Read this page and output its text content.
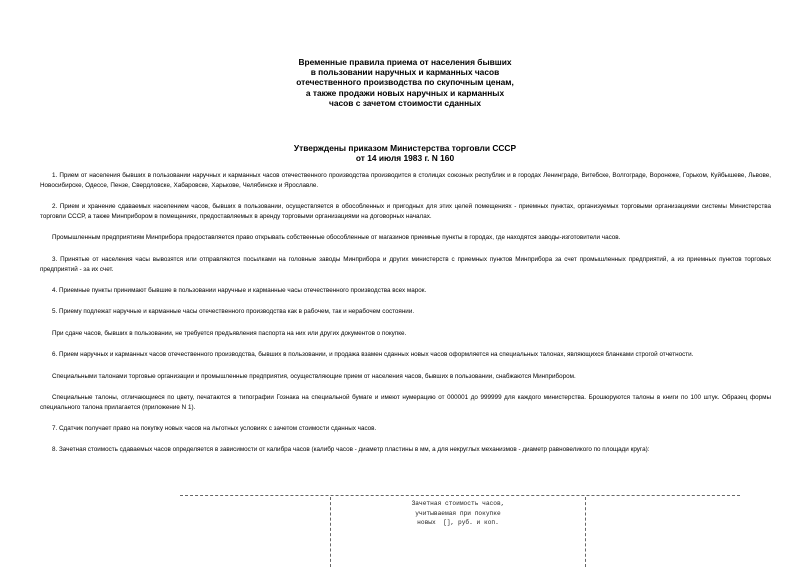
Временные правила приема от населения бывших
в пользовании наручных и карманных часов
отечественного производства по скупочным ценам,
а также продажи новых наручных и карманных
часов с зачетом стоимости сданных
Утверждены приказом Министерства торговли СССР
от 14 июля 1983 г. N 160

1. Прием от населения бывших в пользовании наручных и карманных часов отечественного производства производится в столицах союзных республик и в городах Ленинграде, Витебске, Волгограде, Воронеже, Горьком, Куйбышеве, Львове, Новосибирске, Одессе, Пензе, Свердловске, Хабаровске, Харькове, Челябинске и Ярославле.

2. Прием и хранение сдаваемых населением часов, бывших в пользовании, осуществляется в обособленных и пригодных для этих целей помещениях - приемных пунктах, организуемых торговыми организациями системы Министерства торговли СССР, а также Минприбором в помещениях, предоставляемых в аренду торговыми организациями на договорных началах.

Промышленным предприятиям Минприбора предоставляется право открывать собственные обособленные от магазинов приемные пункты в городах, где находятся заводы-изготовители часов.

3. Принятые от населения часы вывозятся или отправляются посылками на головные заводы Минприбора и других министерств с приемных пунктов Минприбора за счет промышленных предприятий, а из приемных пунктов торговых предприятий - за их счет.

4. Приемные пункты принимают бывшие в пользовании наручные и карманные часы отечественного производства всех марок.

5. Приему подлежат наручные и карманные часы отечественного производства как в рабочем, так и нерабочем состоянии.

При сдаче часов, бывших в пользовании, не требуется предъявления паспорта на них или других документов о покупке.

6. Прием наручных и карманных часов отечественного производства, бывших в пользовании, и продажа взамен сданных новых часов оформляется на специальных талонах, являющихся бланками строгой отчетности.

Специальными талонами торговые организации и промышленные предприятия, осуществляющие прием от населения часов, бывших в пользовании, снабжаются Минприбором.

Специальные талоны, отличающиеся по цвету, печатаются в типографии Гознака на специальной бумаге и имеют нумерацию от 000001 до 999999 для каждого министерства. Брошюруются талоны в книги по 100 штук. Образец формы специального талона прилагается (приложение N 1).

7. Сдатчик получает право на покупку новых часов на льготных условиях с зачетом стоимости сданных часов.

8. Зачетная стоимость сдаваемых часов определяется в зависимости от калибра часов (калибр часов - диаметр пластины в мм, а для некруглых механизмов - диаметр равновеликого по площади круга):

Зачетная стоимость часов,
учитываемая при покупке
новых  [], руб. и коп.
